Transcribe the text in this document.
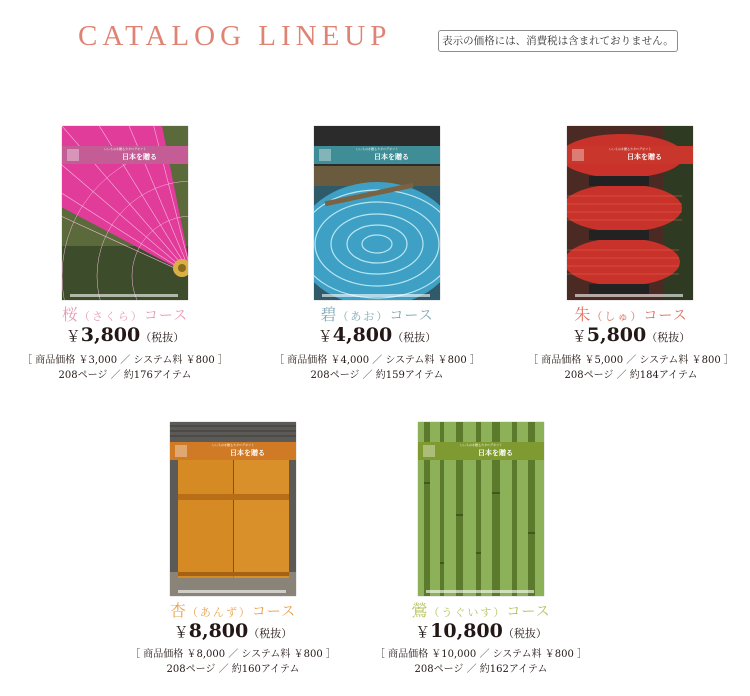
CATALOG LINEUP	表示の価格には、消費税は含まれておりません。
いいものを贈るカタログギフト
日本を贈る
桜（さくら）コース
￥3,800（税抜）
［ 商品価格 ￥3,000 ／ システム料 ￥800 ］
208ページ ／ 約176アイテム
いいものを贈るカタログギフト
日本を贈る
碧（あお）コース
￥4,800（税抜）
［ 商品価格 ￥4,000 ／ システム料 ￥800 ］
208ページ ／ 約159アイテム
いいものを贈るカタログギフト
日本を贈る
朱（しゅ）コース
￥5,800（税抜）
［ 商品価格 ￥5,000 ／ システム料 ￥800 ］
208ページ ／ 約184アイテム
いいものを贈るカタログギフト
日本を贈る
杏（あんず）コース
￥8,800（税抜）
［ 商品価格 ￥8,000 ／ システム料 ￥800 ］
208ページ ／ 約160アイテム
いいものを贈るカタログギフト
日本を贈る
鶯（うぐいす）コース
￥10,800（税抜）
［ 商品価格 ￥10,000 ／ システム料 ￥800 ］
208ページ ／ 約162アイテム
